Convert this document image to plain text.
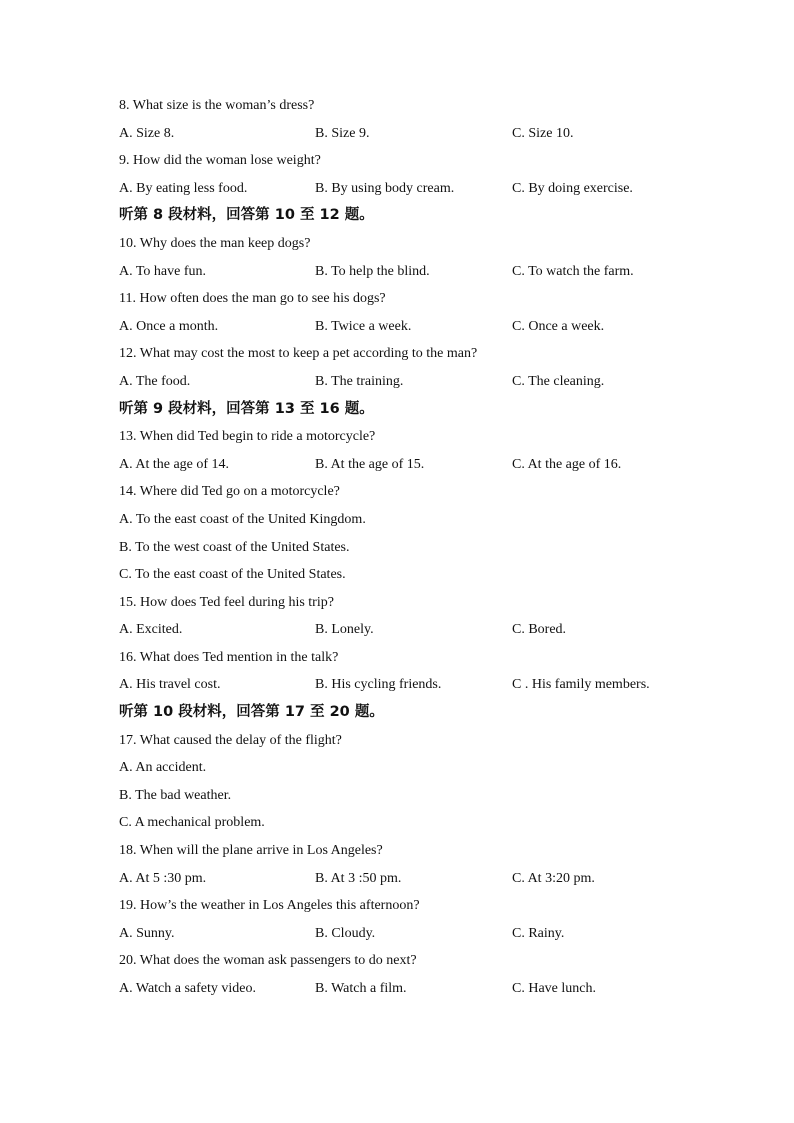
8. What size is the woman’s dress?
A. Size 8.	B. Size 9.	C. Size 10.
9. How did the woman lose weight?
A. By eating less food.	B. By using body cream.	C. By doing exercise.
听第 8 段材料，回答第 10 至 12 题。
10. Why does the man keep dogs?
A. To have fun.	B. To help the blind.	C. To watch the farm.
11. How often does the man go to see his dogs?
A. Once a month.	B. Twice a week.	C. Once a week.
12. What may cost the most to keep a pet according to the man?
A. The food.	B. The training.	C. The cleaning.
听第 9 段材料，回答第 13 至 16 题。
13. When did Ted begin to ride a motorcycle?
A. At the age of 14.	B. At the age of 15.	C. At the age of 16.
14. Where did Ted go on a motorcycle?
A. To the east coast of the United Kingdom.
B. To the west coast of the United States.
C. To the east coast of the United States.
15. How does Ted feel during his trip?
A. Excited.	B. Lonely.	C. Bored.
16. What does Ted mention in the talk?
A. His travel cost.	B. His cycling friends.	C . His family members.
听第 10 段材料，回答第 17 至 20 题。
17. What caused the delay of the flight?
A. An accident.
B. The bad weather.
C. A mechanical problem.
18. When will the plane arrive in Los Angeles?
A. At 5 :30 pm.	B. At 3 :50 pm.	C. At 3:20 pm.
19. How’s the weather in Los Angeles this afternoon?
A. Sunny.	B. Cloudy.	C. Rainy.
20. What does the woman ask passengers to do next?
A. Watch a safety video.	B. Watch a film.	C. Have lunch.
